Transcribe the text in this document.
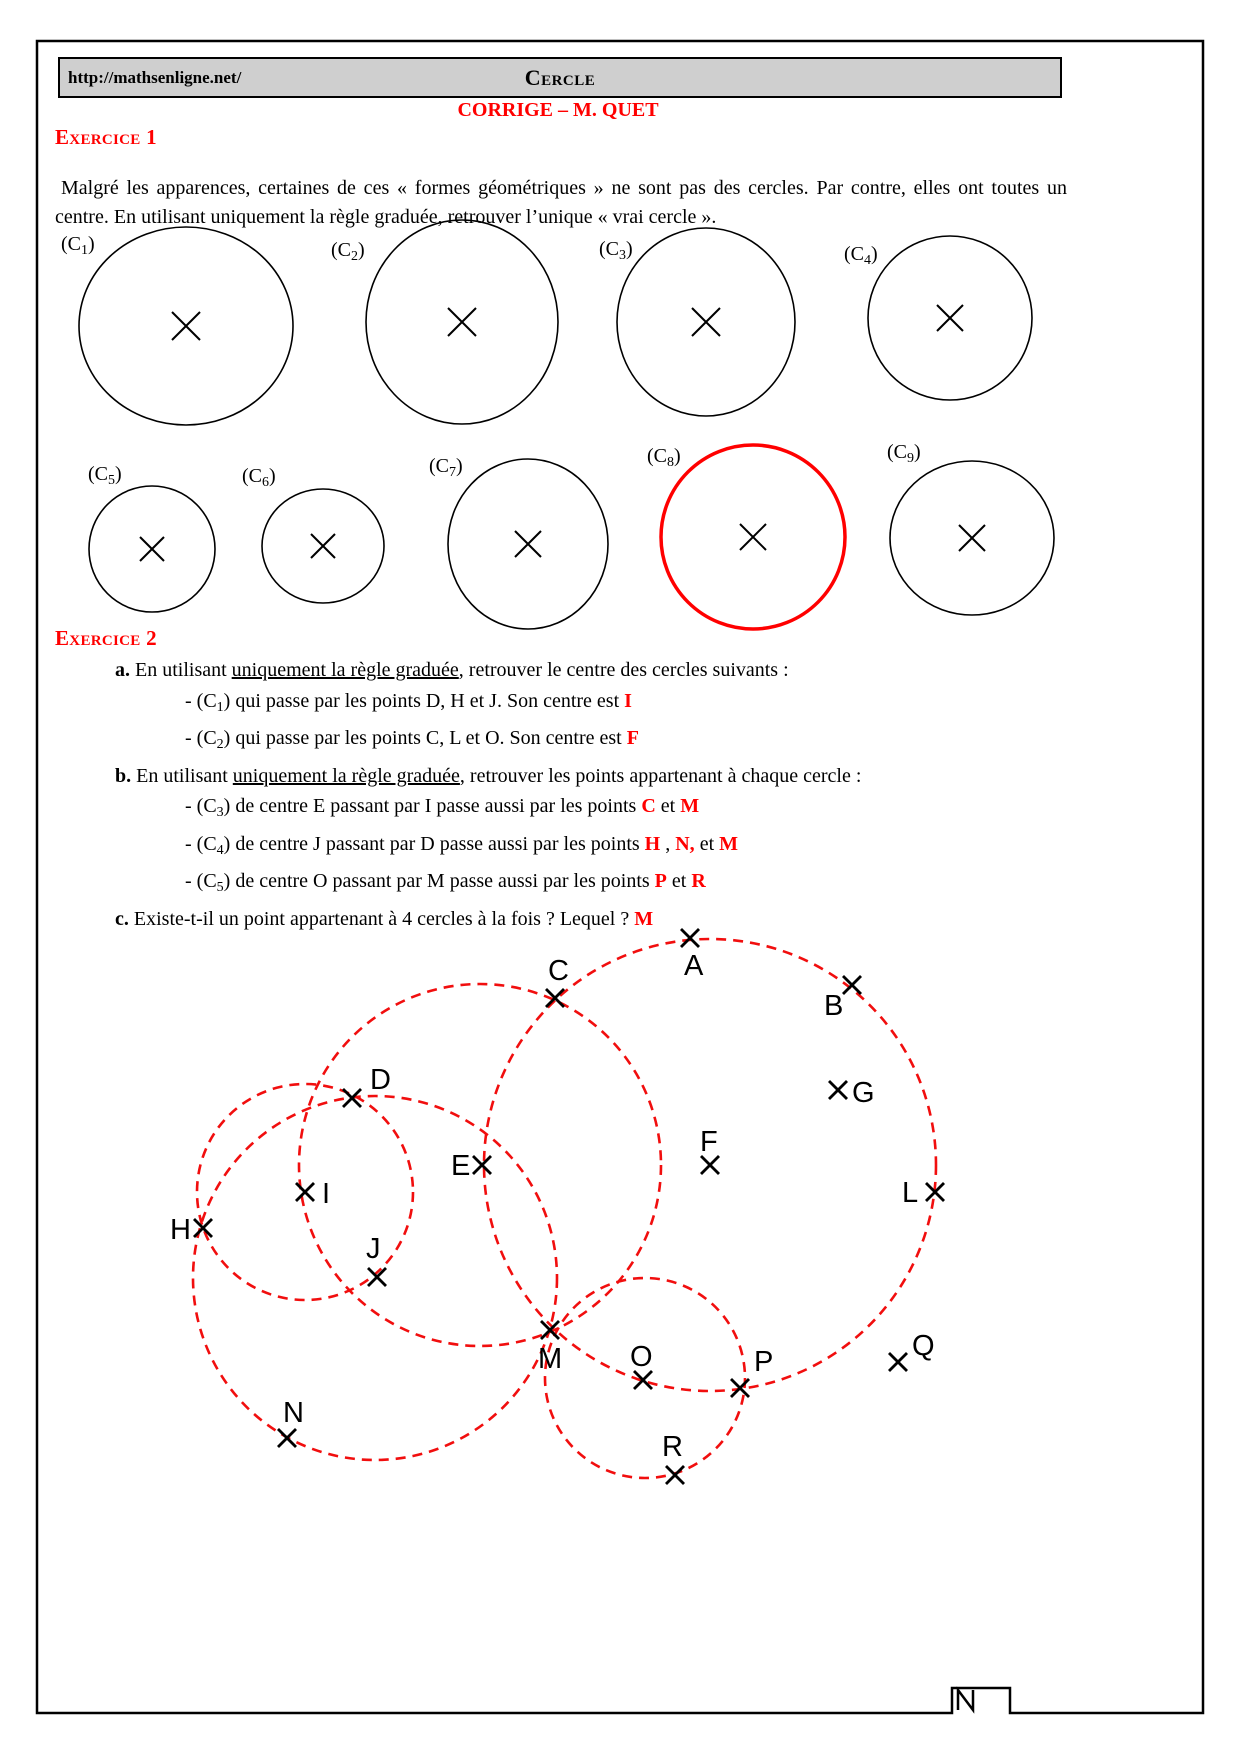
http://mathsenligne.net/	Cercle
CORRIGE – M. QUET
Exercice 1

Malgré les apparences, certaines de ces « formes géométriques » ne sont pas des cercles. Par contre, elles ont toutes un centre. En utilisant uniquement la règle graduée, retrouver l’unique « vrai cercle ».

$(C_1)$	$(C_2)$	$(C_3)$	$(C_4)$
$(C_5)$	$(C_6)$	$(C_7)$	$(C_8)$	$(C_9)$
Exercice 2
a. En utilisant uniquement la règle graduée, retrouver le centre des cercles suivants :
- $(C_1)$ qui passe par les points D, H et J. Son centre est I
- $(C_2)$ qui passe par les points C, L et O. Son centre est F
b. En utilisant uniquement la règle graduée, retrouver les points appartenant à chaque cercle :
- $(C_3)$ de centre E passant par I passe aussi par les points C et M
- $(C_4)$ de centre J passant par D passe aussi par les points H , N, et M
- $(C_5)$ de centre O passant par M passe aussi par les points P et R
c. Existe-t-il un point appartenant à 4 cercles à la fois ? Lequel ? M
A
B
C
D
E
F
G
H
I
J
L
M
N
O	P	Q
R
